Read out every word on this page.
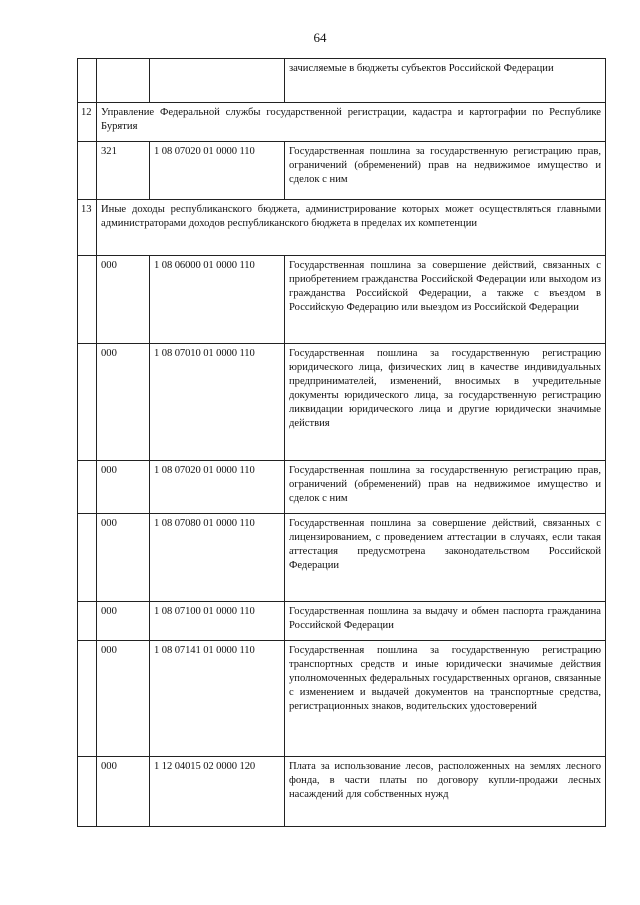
64
			зачисляемые в бюджеты субъектов Российской Федерации
12	Управление Федеральной службы государственной регистрации, кадастра и картографии по Республике Бурятия		
	321	1 08 07020 01 0000 110	Государственная пошлина за государственную регистрацию прав, ограничений (обременений) прав на недвижимое имущество и сделок с ним
13	Иные доходы республиканского бюджета, администрирование которых может осуществляться главными администраторами доходов республиканского бюджета в пределах их компетенции		
	000	1 08 06000 01 0000 110	Государственная пошлина за совершение действий, связанных с приобретением гражданства Российской Федерации или выходом из гражданства Российской Федерации, а также с въездом в Российскую Федерацию или выездом из Российской Федерации
	000	1 08 07010 01 0000 110	Государственная пошлина за государственную регистрацию юридического лица, физических лиц в качестве индивидуальных предпринимателей, изменений, вносимых в учредительные документы юридического лица, за государственную регистрацию ликвидации юридического лица и другие юридически значимые действия
	000	1 08 07020 01 0000 110	Государственная пошлина за государственную регистрацию прав, ограничений (обременений) прав на недвижимое имущество и сделок с ним
	000	1 08 07080 01 0000 110	Государственная пошлина за совершение действий, связанных с лицензированием, с проведением аттестации в случаях, если такая аттестация предусмотрена законодательством Российской Федерации
	000	1 08 07100 01 0000 110	Государственная пошлина за выдачу и обмен паспорта гражданина Российской Федерации
	000	1 08 07141 01 0000 110	Государственная пошлина за государственную регистрацию транспортных средств и иные юридически значимые действия уполномоченных федеральных государственных органов, связанные с изменением и выдачей документов на транспортные средства, регистрационных знаков, водительских удостоверений
	000	1 12 04015 02 0000 120	Плата за использование лесов, расположенных на землях лесного фонда, в части платы по договору купли-продажи лесных насаждений для собственных нужд
